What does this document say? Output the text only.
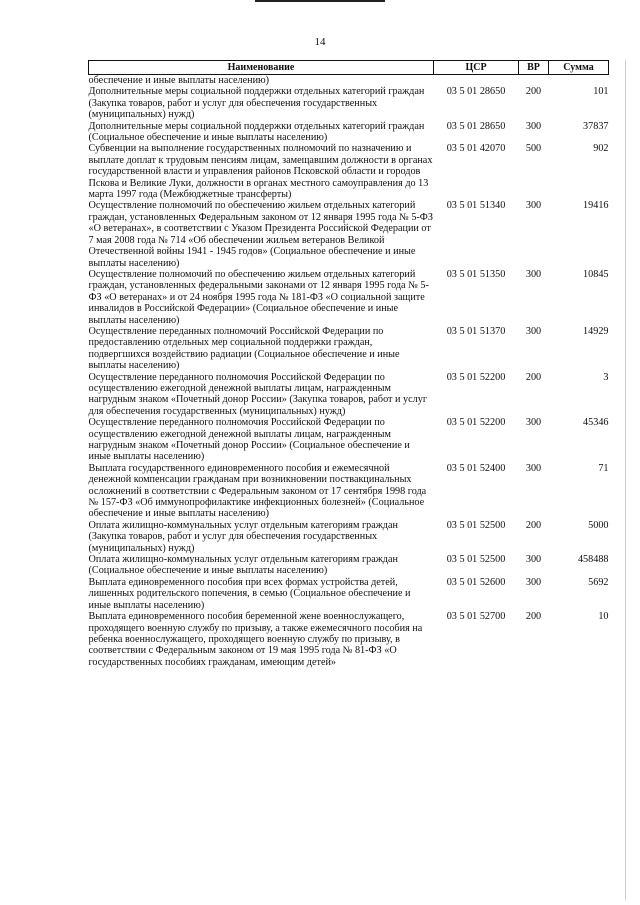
14
Наименование	ЦСР	ВР	Сумма
обеспечение и иные выплаты населению)			
Дополнительные меры социальной поддержки отдельных категорий граждан (Закупка товаров, работ и услуг для обеспечения государственных (муниципальных) нужд)	03 5 01 28650	200	101
Дополнительные меры социальной поддержки отдельных категорий граждан (Социальное обеспечение и иные выплаты населению)	03 5 01 28650	300	37837
Субвенции на выполнение государственных полномочий по назначению и выплате доплат к трудовым пенсиям лицам, замещавшим должности в органах государственной власти и управления районов Псковской области и городов Пскова и Великие Луки, должности в органах местного самоуправления до 13 марта 1997 года (Межбюджетные трансферты)	03 5 01 42070	500	902
Осуществление полномочий по обеспечению жильем отдельных категорий граждан, установленных Федеральным законом от 12 января 1995 года № 5-ФЗ «О ветеранах», в соответствии с Указом Президента Российской Федерации от 7 мая 2008 года № 714 «Об обеспечении жильем ветеранов Великой Отечественной войны 1941 - 1945 годов» (Социальное обеспечение и иные выплаты населению)	03 5 01 51340	300	19416
Осуществление полномочий по обеспечению жильем отдельных категорий граждан, установленных федеральными законами от 12 января 1995 года № 5-ФЗ «О ветеранах» и от 24 ноября 1995 года № 181-ФЗ «О социальной защите инвалидов в Российской Федерации» (Социальное обеспечение и иные выплаты населению)	03 5 01 51350	300	10845
Осуществление переданных полномочий Российской Федерации по предоставлению отдельных мер социальной поддержки граждан, подвергшихся воздействию радиации (Социальное обеспечение и иные выплаты населению)	03 5 01 51370	300	14929
Осуществление переданного полномочия Российской Федерации по осуществлению ежегодной денежной выплаты лицам, награжденным нагрудным знаком «Почетный донор России» (Закупка товаров, работ и услуг для обеспечения государственных (муниципальных) нужд)	03 5 01 52200	200	3
Осуществление переданного полномочия Российской Федерации по осуществлению ежегодной денежной выплаты лицам, награжденным нагрудным знаком «Почетный донор России» (Социальное обеспечение и иные выплаты населению)	03 5 01 52200	300	45346
Выплата государственного единовременного пособия и ежемесячной денежной компенсации гражданам при возникновении поствакцинальных осложнений в соответствии с Федеральным законом от 17 сентября 1998 года № 157-ФЗ «Об иммунопрофилактике инфекционных болезней» (Социальное обеспечение и иные выплаты населению)	03 5 01 52400	300	71
Оплата жилищно-коммунальных услуг отдельным категориям граждан (Закупка товаров, работ и услуг для обеспечения государственных (муниципальных) нужд)	03 5 01 52500	200	5000
Оплата жилищно-коммунальных услуг отдельным категориям граждан (Социальное обеспечение и иные выплаты населению)	03 5 01 52500	300	458488
Выплата единовременного пособия при всех формах устройства детей, лишенных родительского попечения, в семью (Социальное обеспечение и иные выплаты населению)	03 5 01 52600	300	5692
Выплата единовременного пособия беременной жене военнослужащего, проходящего военную службу по призыву, а также ежемесячного пособия на ребенка военнослужащего, проходящего военную службу по призыву, в соответствии с Федеральным законом от 19 мая 1995 года № 81-ФЗ «О государственных пособиях гражданам, имеющим детей»	03 5 01 52700	200	10
